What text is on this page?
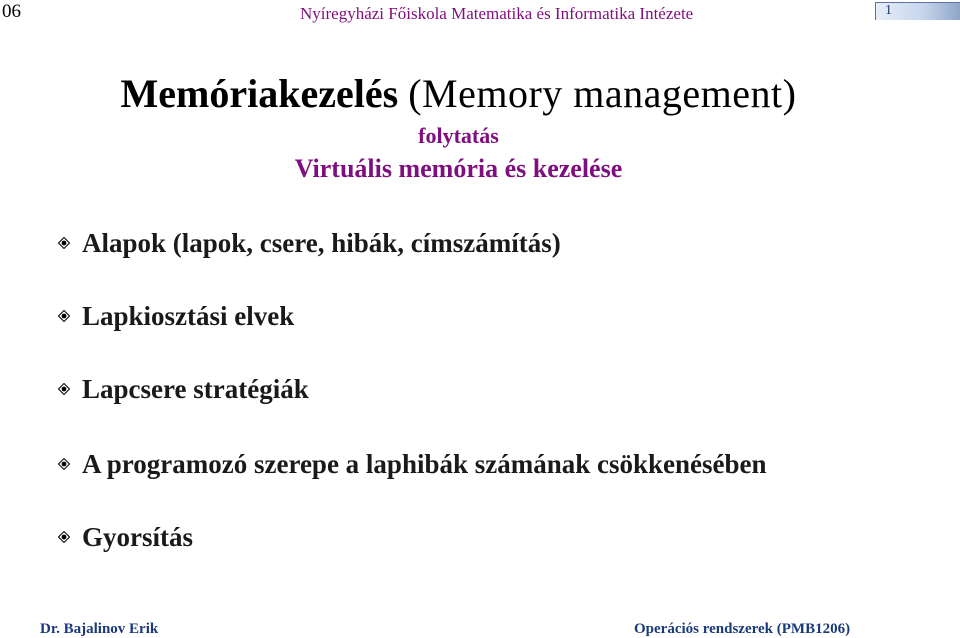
06	Nyíregyházi Főiskola Matematika és Informatika Intézete	1
Memóriakezelés (Memory management)
folytatás
Virtuális memória és kezelése
Alapok (lapok, csere, hibák, címszámítás)
Lapkiosztási elvek
Lapcsere stratégiák
A programozó szerepe a laphibák számának csökkenésében
Gyorsítás
Dr. Bajalinov Erik	Operációs rendszerek (PMB1206)
